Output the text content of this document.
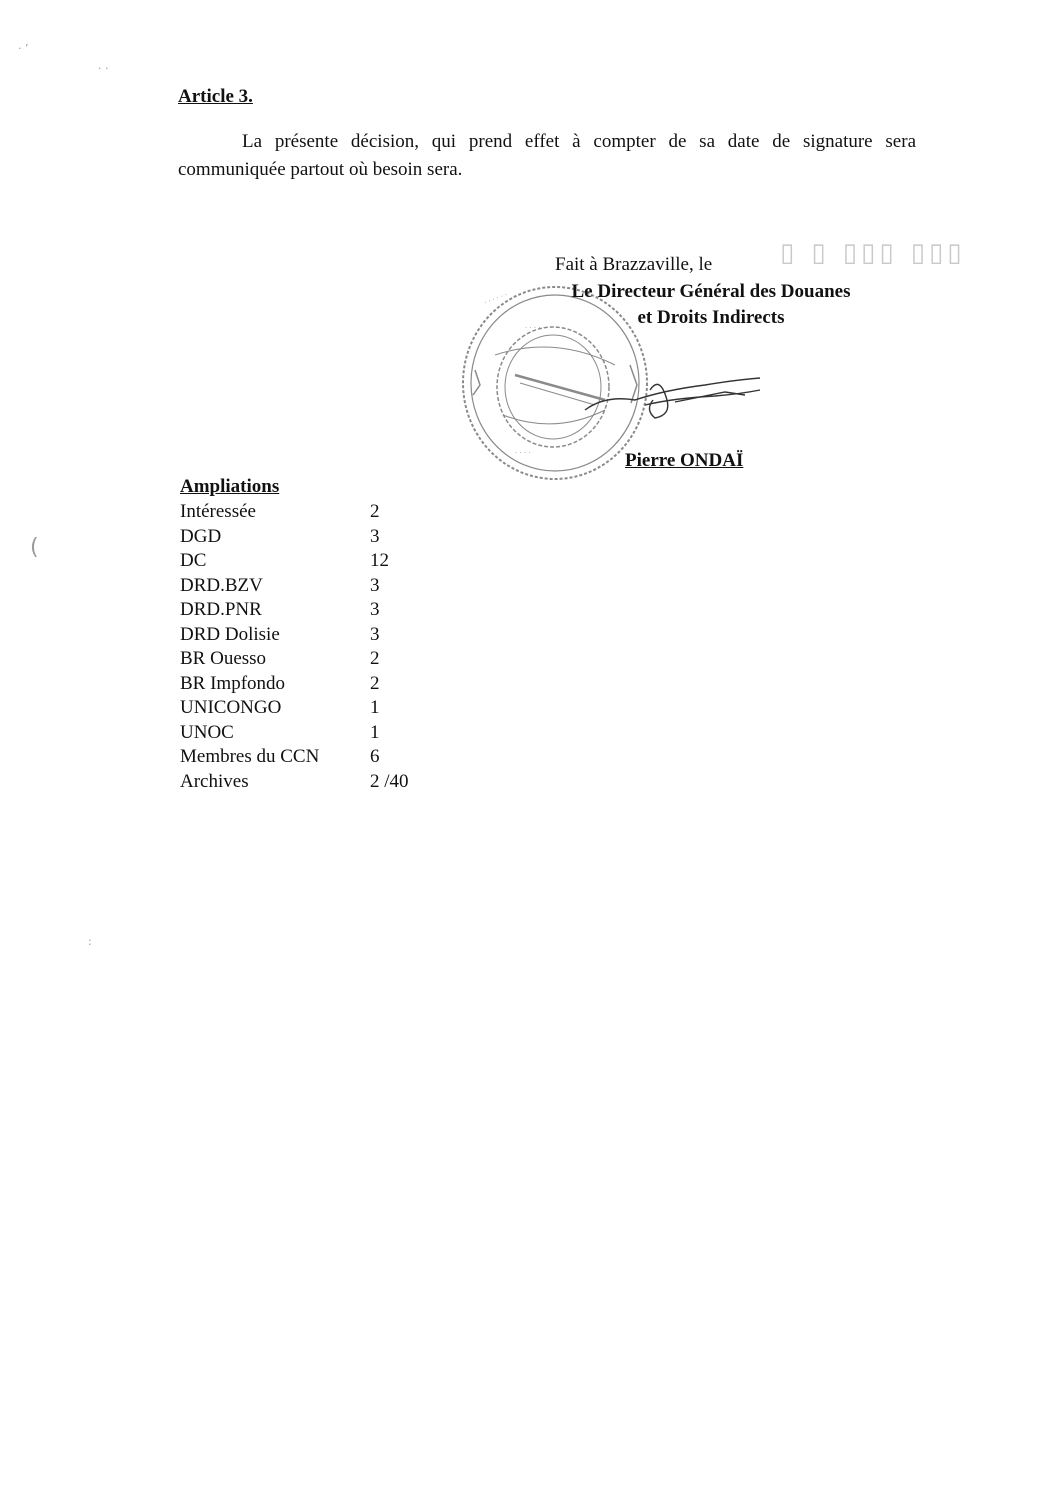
· ’
· ·
(
:
Article 3.
La présente décision, qui prend effet à compter de sa date de signature sera communiquée partout où besoin sera.
Fait à Brazzaville, le	▯ ▯ ▯▯▯ ▯▯▯
· · · · · ·
· · · · ·
· · · ·
Le Directeur Général des Douanes
et Droits Indirects
Pierre ONDAÏ
Ampliations
Intéressée	2
DGD	3
DC	12
DRD.BZV	3
DRD.PNR	3
DRD Dolisie	3
BR Ouesso	2
BR Impfondo	2
UNICONGO	1
UNOC	1
Membres du CCN	6
Archives	2 /40
